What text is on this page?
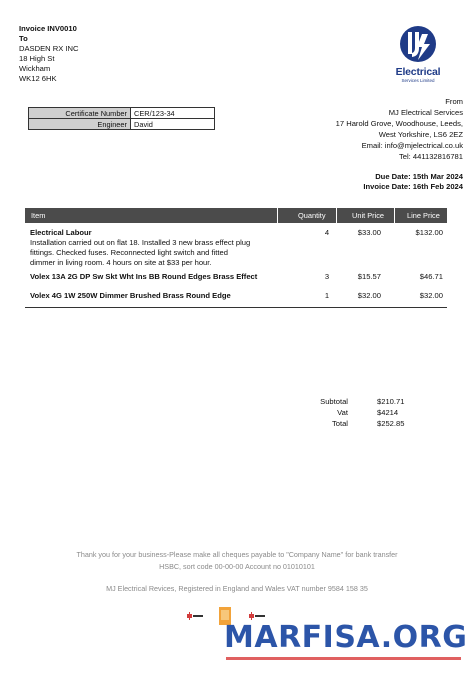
Invoice INV0010
To
DASDEN RX INC
18 High St
Wickham
WK12 6HK
Electrical
Services Limited
Certificate Number	CER/123-34
Engineer	David
From
MJ Electrical Services
17 Harold Grove, Woodhouse, Leeds,
West Yorkshire, LS6 2EZ
Email: info@mjelectrical.co.uk
Tel: 441132816781
Due Date: 15th Mar 2024
Invoice Date: 16th Feb 2024
Item	Quantity	Unit Price	Line Price
Electrical Labour
Installation carried out on flat 18. Installed 3 new brass effect plug
fittings. Checked fuses. Reconnected light switch and fitted
dimmer in living room. 4 hours on site at $33 per hour.
4	$33.00	$132.00
Volex 13A 2G DP Sw Skt Wht Ins BB Round Edges Brass Effect	3	$15.57	$46.71
Volex 4G 1W 250W Dimmer Brushed Brass Round Edge	1	$32.00	$32.00
Subtotal	$210.71
Vat	$4214
Total	$252.85
Thank you for your business-Please make all cheques payable to "Company Name" for bank transfer
HSBC, sort code 00-00-00 Account no 01010101
MJ Electrical Revices, Registered in England and Wales VAT number 9584 158 35
MARFISA.ORG
